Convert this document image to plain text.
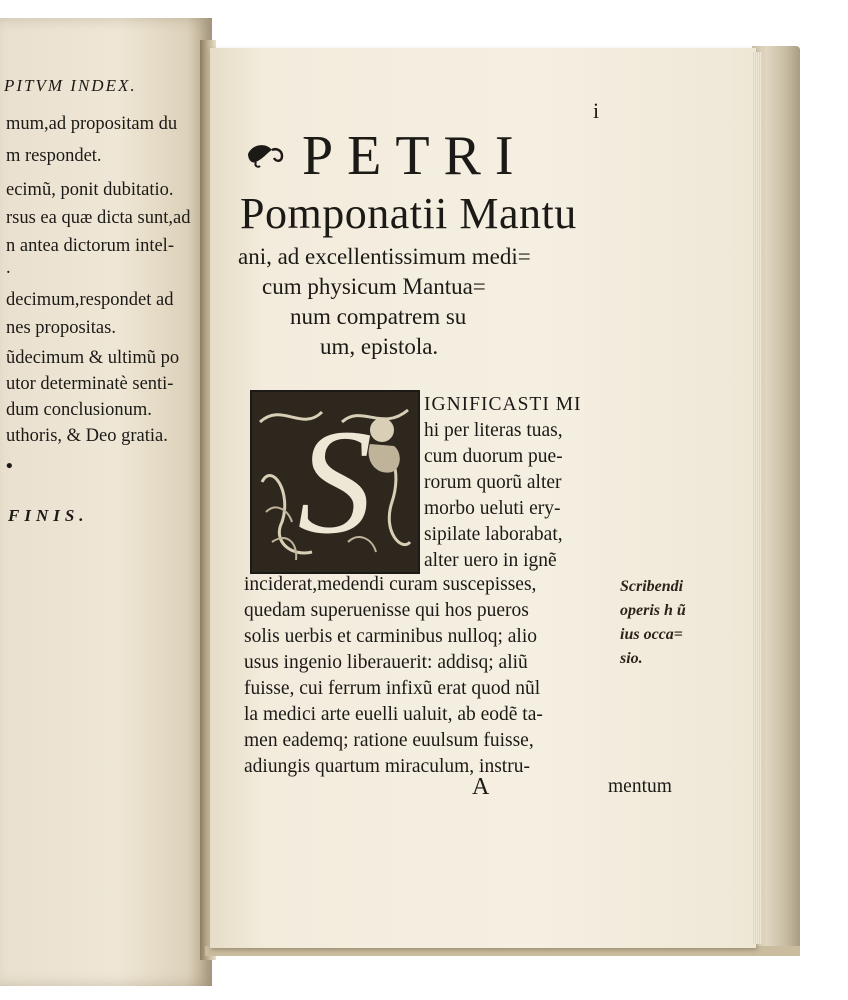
PITVM INDEX.
mum,ad propositam du
m respondet.
ecimũ, ponit dubitatio.
rsus ea quæ dicta sunt,ad
n antea dictorum intel-
.
decimum,respondet ad
nes propositas.
ũdecimum & ultimũ po
utor determinatè senti-
dum conclusionum.
uthoris, & Deo gratia.
•
FINIS.
i
PETRI
Pomponatii Mantu
ani, ad excellentissimum medi=
cum physicum Mantua=
num compatrem su
um, epistola.
S	IGNIFICASTI MI
hi per literas tuas,
cum duorum pue-
rorum quorũ alter
morbo ueluti ery-
sipilate laborabat,
alter uero in ignẽ
inciderat,medendi curam suscepisses,
quedam superuenisse qui hos pueros
solis uerbis et carminibus nulloq; alio
usus ingenio liberauerit: addisq; aliũ
fuisse, cui ferrum infixũ erat quod nũl
la medici arte euelli ualuit, ab eodẽ ta-
men eademq; ratione euulsum fuisse,
adiungis quartum miraculum, instru-
Scribendi
operis h ũ
ius occa=
sio.
A	mentum
